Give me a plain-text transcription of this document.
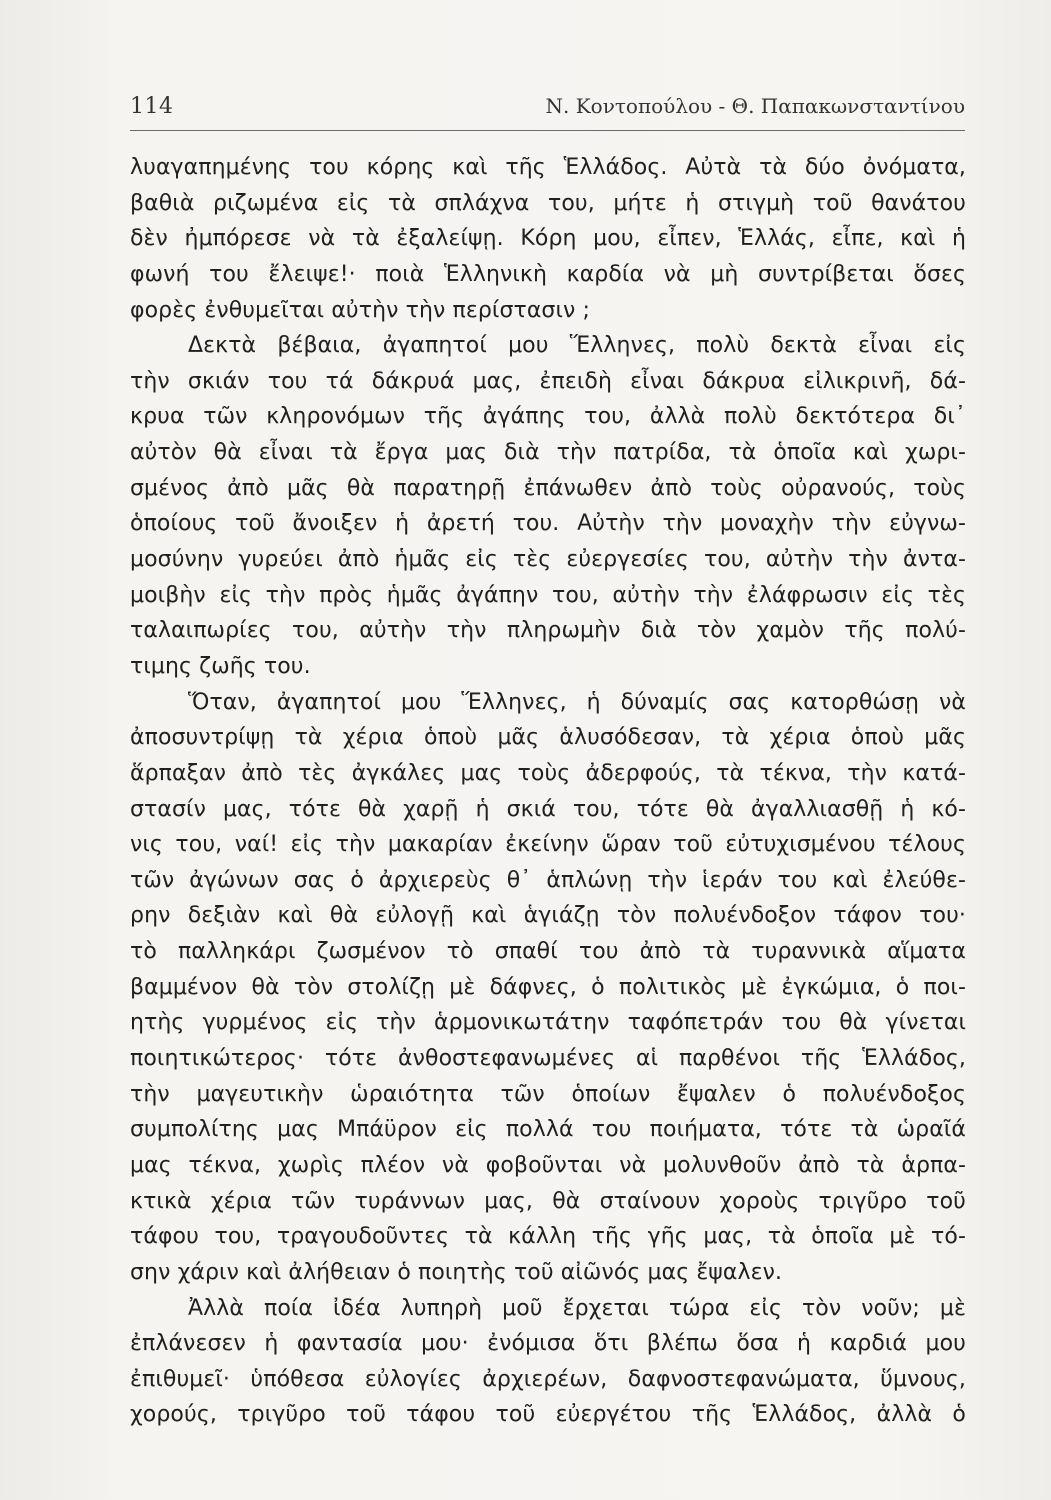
114	Ν. Κοντοπούλου - Θ. Παπακωνσταντίνου
λυαγαπημένης του κόρης καὶ τῆς Ἑλλάδος. Αὐτὰ τὰ δύο ὀνόματα,
βαθιὰ ριζωμένα εἰς τὰ σπλάχνα του, μήτε ἡ στιγμὴ τοῦ θανάτου
δὲν ἠμπόρεσε νὰ τὰ ἐξαλείψῃ. Κόρη μου, εἶπεν, Ἑλλάς, εἶπε, καὶ ἡ
φωνή του ἔλειψε!· ποιὰ Ἑλληνικὴ καρδία νὰ μὴ συντρίβεται ὅσες
φορὲς ἐνθυμεῖται αὐτὴν τὴν περίστασιν ;
Δεκτὰ βέβαια, ἀγαπητοί μου Ἕλληνες, πολὺ δεκτὰ εἶναι εἰς
τὴν σκιάν του τά δάκρυά μας, ἐπειδὴ εἶναι δάκρυα εἰλικρινῆ, δά-
κρυα τῶν κληρονόμων τῆς ἀγάπης του, ἀλλὰ πολὺ δεκτότερα δι᾿
αὐτὸν θὰ εἶναι τὰ ἔργα μας διὰ τὴν πατρίδα, τὰ ὁποῖα καὶ χωρι-
σμένος ἀπὸ μᾶς θὰ παρατηρῇ ἐπάνωθεν ἀπὸ τοὺς οὐρανούς, τοὺς
ὁποίους τοῦ ἄνοιξεν ἡ ἀρετή του. Αὐτὴν τὴν μοναχὴν τὴν εὐγνω-
μοσύνην γυρεύει ἀπὸ ἡμᾶς εἰς τὲς εὐεργεσίες του, αὐτὴν τὴν ἀντα-
μοιβὴν εἰς τὴν πρὸς ἡμᾶς ἀγάπην του, αὐτὴν τὴν ἐλάφρωσιν εἰς τὲς
ταλαιπωρίες του, αὐτὴν τὴν πληρωμὴν διὰ τὸν χαμὸν τῆς πολύ-
τιμης ζωῆς του.
Ὅταν, ἀγαπητοί μου Ἕλληνες, ἡ δύναμίς σας κατορθώσῃ νὰ
ἀποσυντρίψῃ τὰ χέρια ὁποὺ μᾶς ἁλυσόδεσαν, τὰ χέρια ὁποὺ μᾶς
ἅρπαξαν ἀπὸ τὲς ἀγκάλες μας τοὺς ἀδερφούς, τὰ τέκνα, τὴν κατά-
στασίν μας, τότε θὰ χαρῇ ἡ σκιά του, τότε θὰ ἀγαλλιασθῇ ἡ κό-
νις του, ναί! εἰς τὴν μακαρίαν ἐκείνην ὥραν τοῦ εὐτυχισμένου τέλους
τῶν ἀγώνων σας ὁ ἀρχιερεὺς θ᾿ ἁπλώνῃ τὴν ἱεράν του καὶ ἐλεύθε-
ρην δεξιὰν καὶ θὰ εὐλογῇ καὶ ἁγιάζῃ τὸν πολυένδοξον τάφον του·
τὸ παλληκάρι ζωσμένον τὸ σπαθί του ἀπὸ τὰ τυραννικὰ αἵματα
βαμμένον θὰ τὸν στολίζῃ μὲ δάφνες, ὁ πολιτικὸς μὲ ἐγκώμια, ὁ ποι-
ητὴς γυρμένος εἰς τὴν ἁρμονικωτάτην ταφόπετράν του θὰ γίνεται
ποιητικώτερος· τότε ἀνθοστεφανωμένες αἱ παρθένοι τῆς Ἑλλάδος,
τὴν μαγευτικὴν ὡραιότητα τῶν ὁποίων ἔψαλεν ὁ πολυένδοξος
συμπολίτης μας Μπάϋρον εἰς πολλά του ποιήματα, τότε τὰ ὡραῖά
μας τέκνα, χωρὶς πλέον νὰ φοβοῦνται νὰ μολυνθοῦν ἀπὸ τὰ ἁρπα-
κτικὰ χέρια τῶν τυράννων μας, θὰ σταίνουν χοροὺς τριγῦρο τοῦ
τάφου του, τραγουδοῦντες τὰ κάλλη τῆς γῆς μας, τὰ ὁποῖα μὲ τό-
σην χάριν καὶ ἀλήθειαν ὁ ποιητὴς τοῦ αἰῶνός μας ἔψαλεν.
Ἀλλὰ ποία ἰδέα λυπηρὴ μοῦ ἔρχεται τώρα εἰς τὸν νοῦν; μὲ
ἐπλάνεσεν ἡ φαντασία μου· ἐνόμισα ὅτι βλέπω ὅσα ἡ καρδιά μου
ἐπιθυμεῖ· ὑπόθεσα εὐλογίες ἀρχιερέων, δαφνοστεφανώματα, ὕμνους,
χορούς, τριγῦρο τοῦ τάφου τοῦ εὐεργέτου τῆς Ἑλλάδος, ἀλλὰ ὁ
